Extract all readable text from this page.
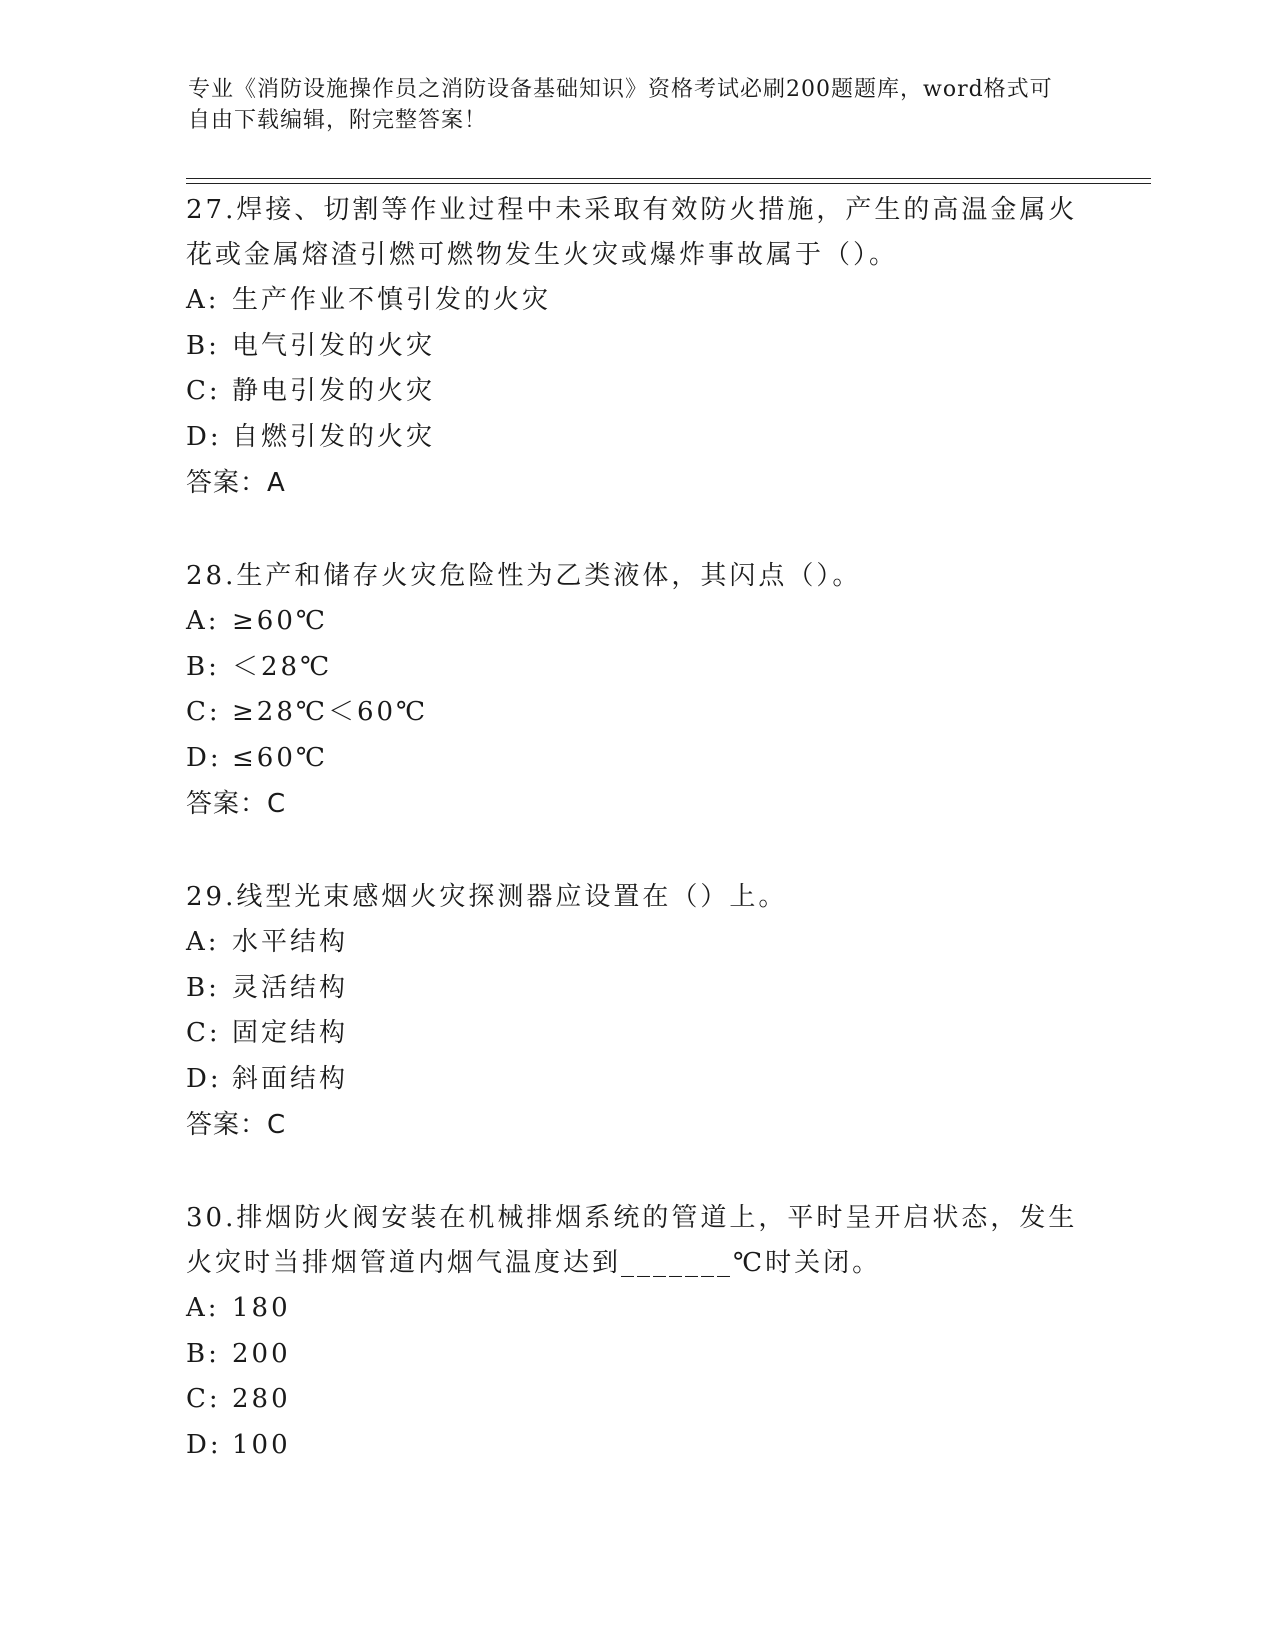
专业《消防设施操作员之消防设备基础知识》资格考试必刷200题题库，word格式可自由下载编辑，附完整答案！

27.焊接、切割等作业过程中未采取有效防火措施，产生的高温金属火花或金属熔渣引燃可燃物发生火灾或爆炸事故属于（）。

A: 生产作业不慎引发的火灾
B: 电气引发的火灾
C: 静电引发的火灾
D: 自燃引发的火灾
答案：A

28.生产和储存火灾危险性为乙类液体，其闪点（）。

A: ≥60℃
B: ＜28℃
C: ≥28℃＜60℃
D: ≤60℃
答案：C

29.线型光束感烟火灾探测器应设置在（）上。

A: 水平结构
B: 灵活结构
C: 固定结构
D: 斜面结构
答案：C

30.排烟防火阀安装在机械排烟系统的管道上，平时呈开启状态，发生火灾时当排烟管道内烟气温度达到_______℃时关闭。

A: 180
B: 200
C: 280
D: 100
